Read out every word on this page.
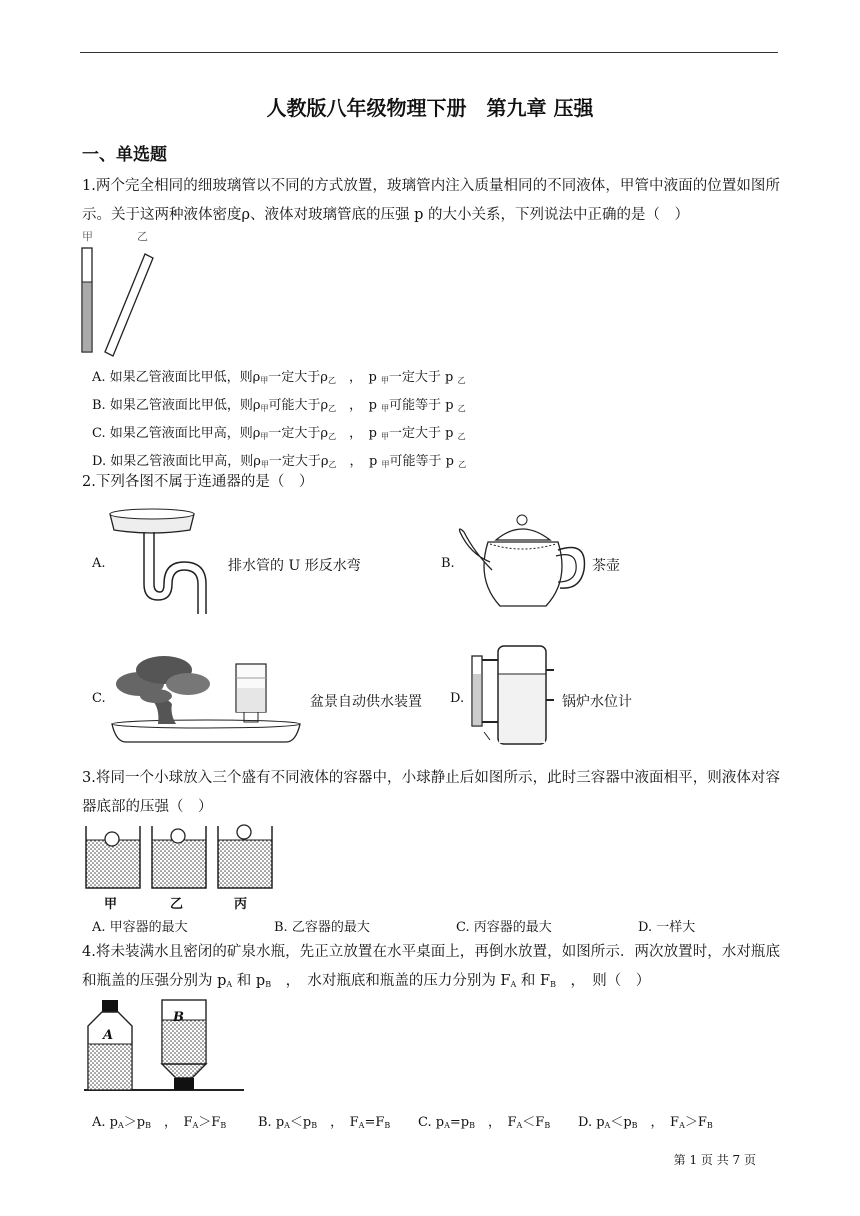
人教版八年级物理下册　第九章 压强
一、单选题
1.两个完全相同的细玻璃管以不同的方式放置，玻璃管内注入质量相同的不同液体，甲管中液面的位置如图所示。关于这两种液体密度ρ、液体对玻璃管底的压强 p 的大小关系，下列说法中正确的是（　）
甲	乙
A. 如果乙管液面比甲低，则$\rho_甲$一定大于$\rho_乙$　，　p $_甲$一定大于 p $_乙$
B. 如果乙管液面比甲低，则$\rho_甲$可能大于$\rho_乙$　，　p $_甲$可能等于 p $_乙$
C. 如果乙管液面比甲高，则$\rho_甲$一定大于$\rho_乙$　，　p $_甲$一定大于 p $_乙$
D. 如果乙管液面比甲高，则$\rho_甲$一定大于$\rho_乙$　，　p $_甲$可能等于 p $_乙$
2.下列各图不属于连通器的是（　）
A.	排水管的 U 形反水弯	B.	茶壶
C.	盆景自动供水装置 D.	锅炉水位计
3.将同一个小球放入三个盛有不同液体的容器中，小球静止后如图所示，此时三容器中液面相平，则液体对容器底部的压强（　）
甲	乙	丙
A. 甲容器的最大	B. 乙容器的最大	C. 丙容器的最大	D. 一样大
4.将未装满水且密闭的矿泉水瓶，先正立放置在水平桌面上，再倒水放置，如图所示．两次放置时，水对瓶底和瓶盖的压强分别为 $p_A$ 和 $p_B$　，　水对瓶底和瓶盖的压力分别为 $F_A$ 和 $F_B$　，　则（　）
A
B
A. $p_A>p_B$　，　$F_A>F_B$ B. $p_A<p_B$　，　$F_A=F_B$ C. $p_A=p_B$　，　$F_A<F_B$ D. $p_A<p_B$　，　$F_A>F_B$
第 1 页 共 7 页
